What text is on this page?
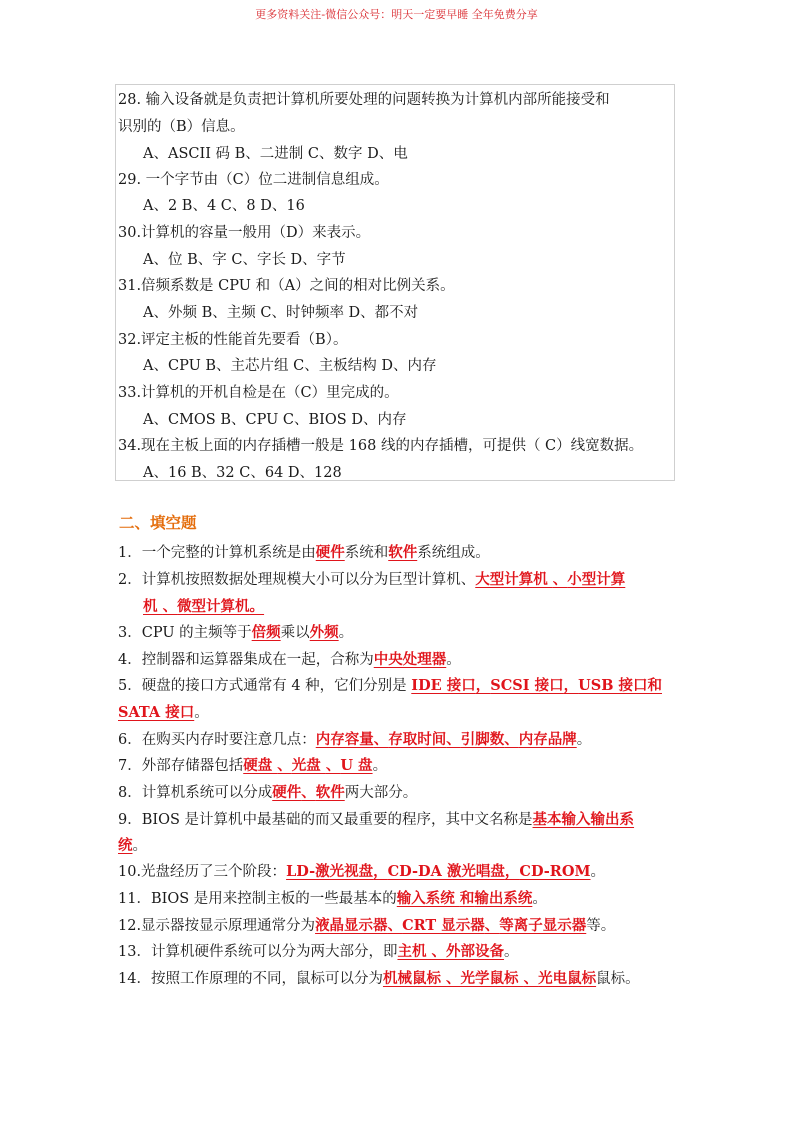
更多资料关注-微信公众号：明天一定要早睡 全年免费分享
28. 输入设备就是负责把计算机所要处理的问题转换为计算机内部所能接受和
识别的（B）信息。
A、ASCII 码 B、二进制 C、数字 D、电
29. 一个字节由（C）位二进制信息组成。
A、2 B、4 C、8 D、16
30.计算机的容量一般用（D）来表示。
A、位 B、字 C、字长 D、字节
31.倍频系数是 CPU 和（A）之间的相对比例关系。
A、外频 B、主频 C、时钟频率 D、都不对
32.评定主板的性能首先要看（B）。
A、CPU B、主芯片组 C、主板结构 D、内存
33.计算机的开机自检是在（C）里完成的。
A、CMOS B、CPU C、BIOS D、内存
34.现在主板上面的内存插槽一般是 168 线的内存插槽，可提供（ C）线宽数据。
A、16 B、32 C、64 D、128
二、填空题
1．一个完整的计算机系统是由硬件系统和软件系统组成。
2．计算机按照数据处理规模大小可以分为巨型计算机、大型计算机 、小型计算
机 、微型计算机。
3．CPU 的主频等于倍频乘以外频。
4．控制器和运算器集成在一起，合称为中央处理器。
5．硬盘的接口方式通常有 4 种，它们分别是 IDE 接口，SCSI 接口，USB 接口和
SATA 接口。
6．在购买内存时要注意几点：内存容量、存取时间、引脚数、内存品牌。
7．外部存储器包括硬盘 、光盘 、U 盘。
8．计算机系统可以分成硬件、软件两大部分。
9．BIOS 是计算机中最基础的而又最重要的程序，其中文名称是基本输入输出系
统。
10.光盘经历了三个阶段：LD-激光视盘，CD-DA 激光唱盘，CD-ROM。
11．BIOS 是用来控制主板的一些最基本的输入系统 和输出系统。
12.显示器按显示原理通常分为液晶显示器、CRT 显示器、等离子显示器等。
13．计算机硬件系统可以分为两大部分，即主机 、外部设备。
14．按照工作原理的不同，鼠标可以分为机械鼠标 、光学鼠标 、光电鼠标鼠标。
